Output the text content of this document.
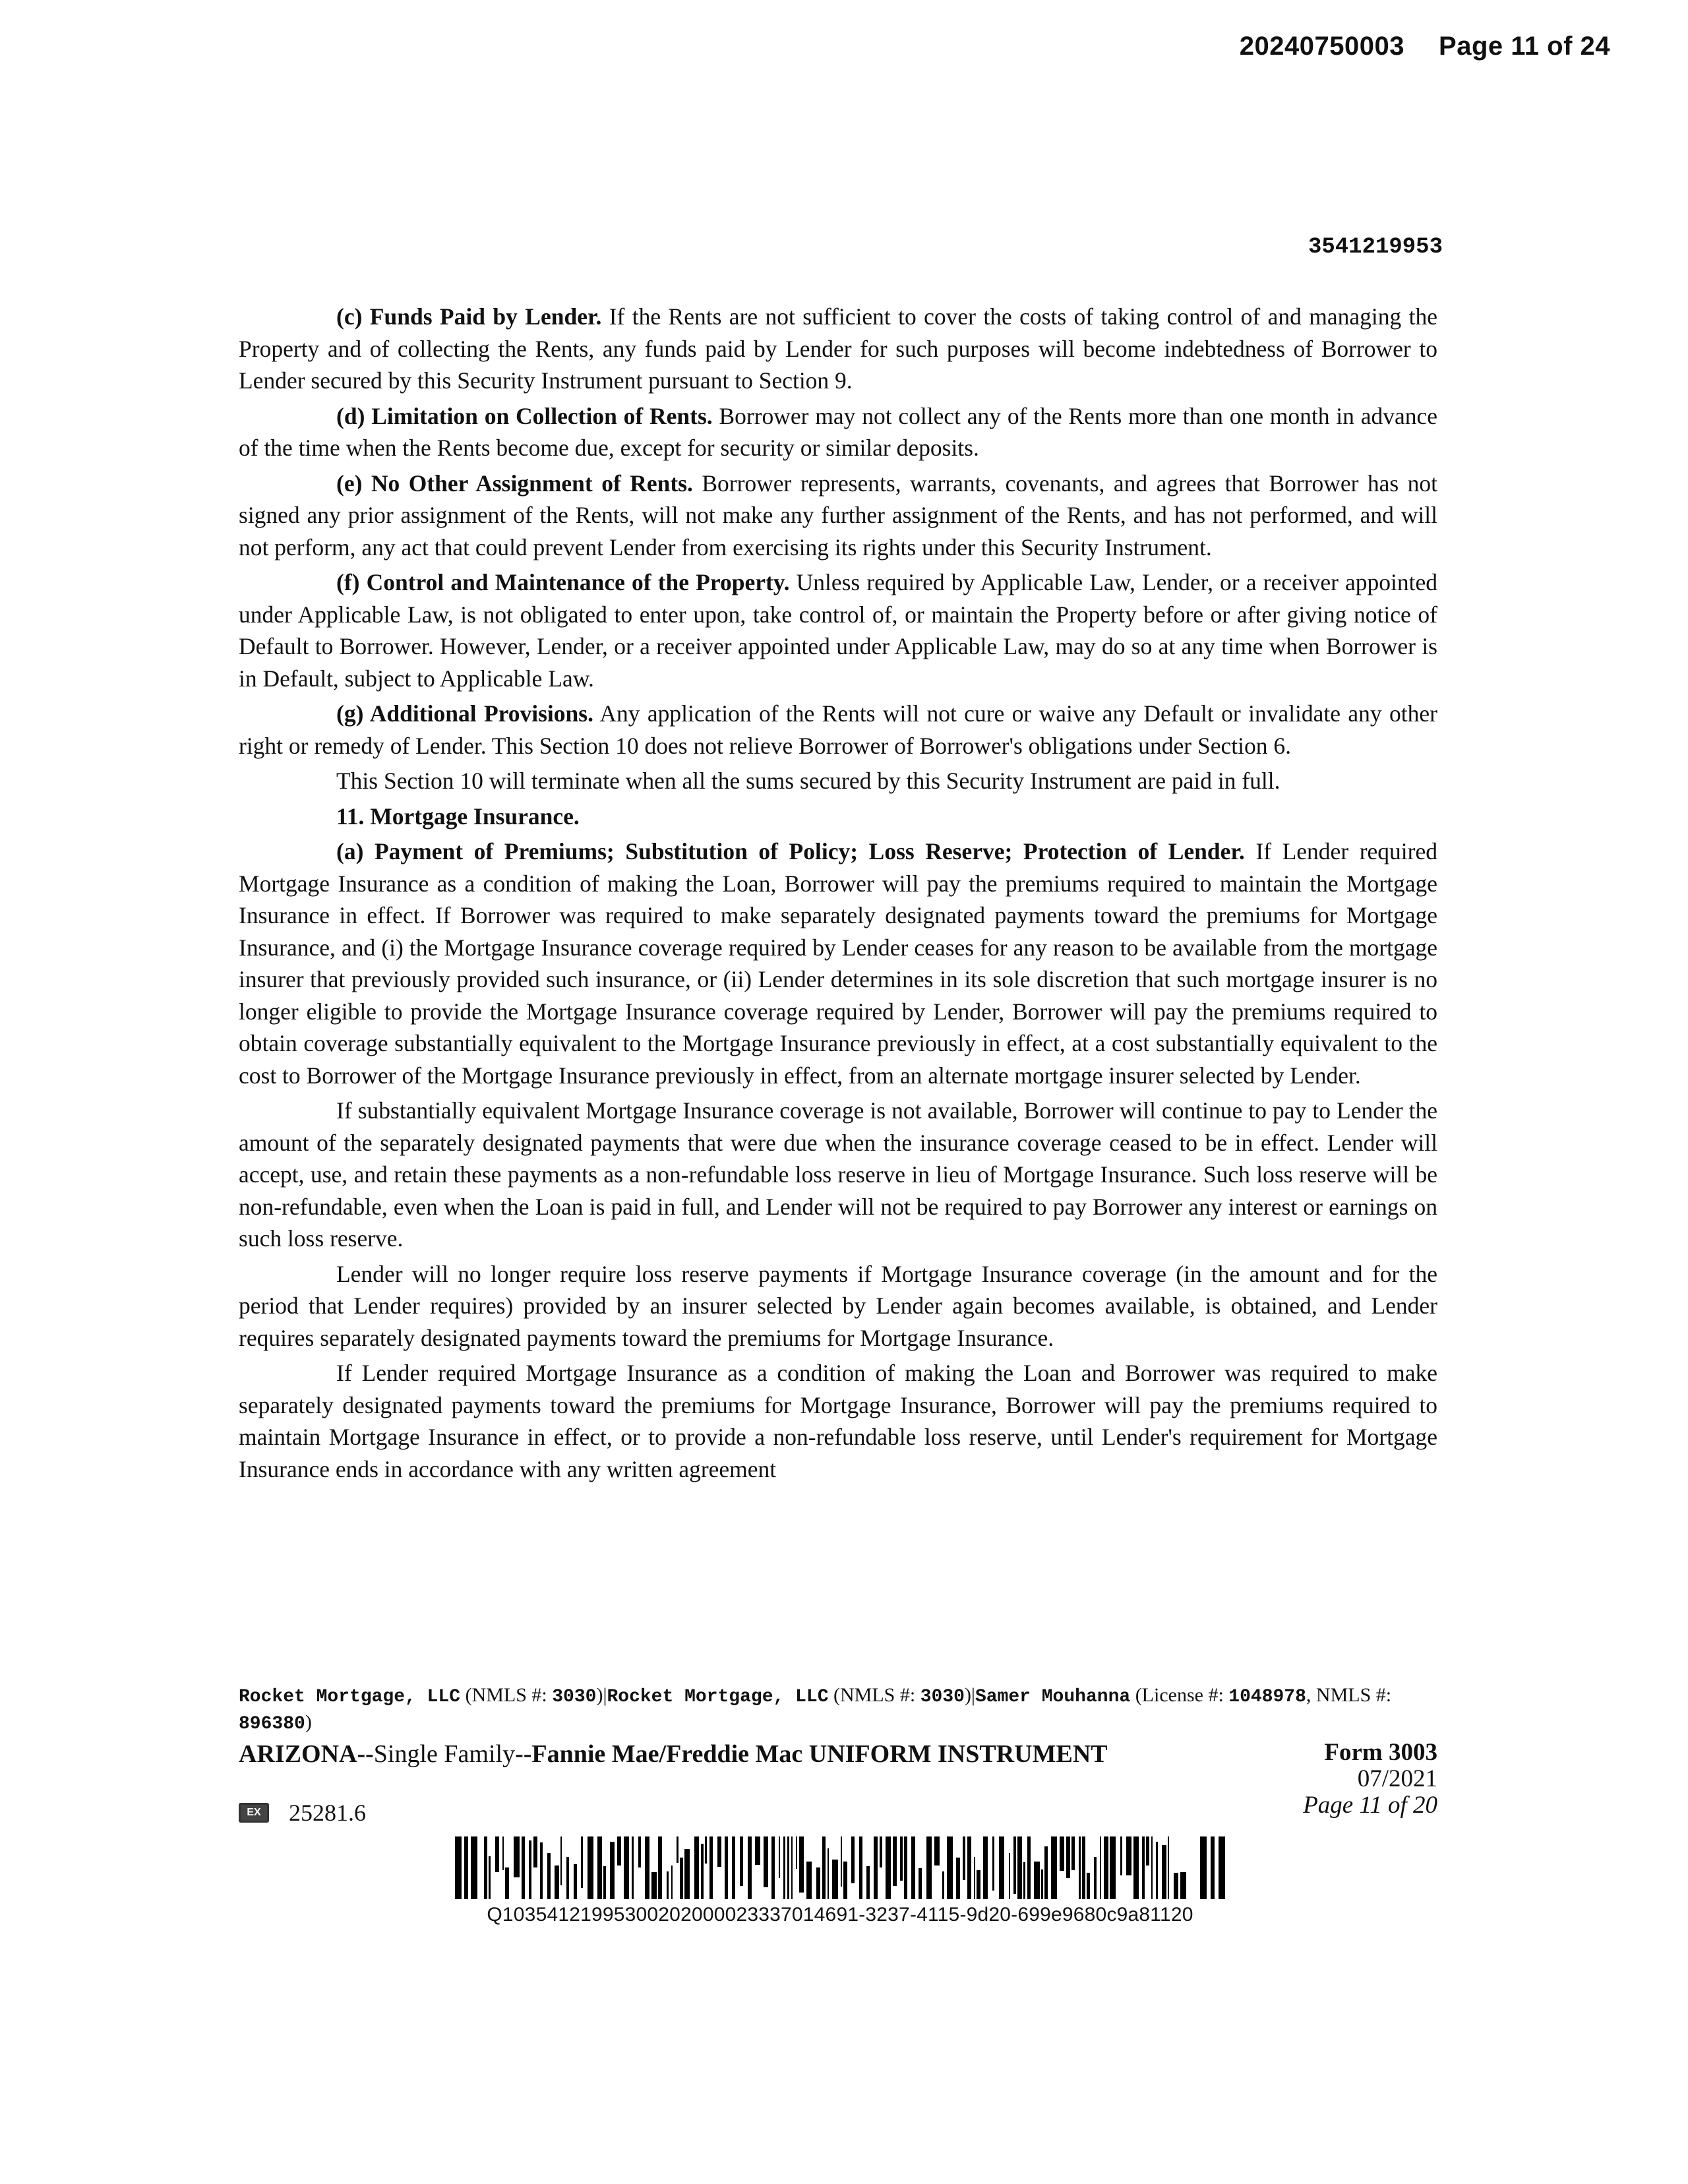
20240750003 Page 11 of 24
3541219953

(c) Funds Paid by Lender. If the Rents are not sufficient to cover the costs of taking control of and managing the Property and of collecting the Rents, any funds paid by Lender for such purposes will become indebtedness of Borrower to Lender secured by this Security Instrument pursuant to Section 9.

(d) Limitation on Collection of Rents. Borrower may not collect any of the Rents more than one month in advance of the time when the Rents become due, except for security or similar deposits.

(e) No Other Assignment of Rents. Borrower represents, warrants, covenants, and agrees that Borrower has not signed any prior assignment of the Rents, will not make any further assignment of the Rents, and has not performed, and will not perform, any act that could prevent Lender from exercising its rights under this Security Instrument.

(f) Control and Maintenance of the Property. Unless required by Applicable Law, Lender, or a receiver appointed under Applicable Law, is not obligated to enter upon, take control of, or maintain the Property before or after giving notice of Default to Borrower. However, Lender, or a receiver appointed under Applicable Law, may do so at any time when Borrower is in Default, subject to Applicable Law.

(g) Additional Provisions. Any application of the Rents will not cure or waive any Default or invalidate any other right or remedy of Lender. This Section 10 does not relieve Borrower of Borrower's obligations under Section 6.

This Section 10 will terminate when all the sums secured by this Security Instrument are paid in full.

11. Mortgage Insurance.

(a) Payment of Premiums; Substitution of Policy; Loss Reserve; Protection of Lender. If Lender required Mortgage Insurance as a condition of making the Loan, Borrower will pay the premiums required to maintain the Mortgage Insurance in effect. If Borrower was required to make separately designated payments toward the premiums for Mortgage Insurance, and (i) the Mortgage Insurance coverage required by Lender ceases for any reason to be available from the mortgage insurer that previously provided such insurance, or (ii) Lender determines in its sole discretion that such mortgage insurer is no longer eligible to provide the Mortgage Insurance coverage required by Lender, Borrower will pay the premiums required to obtain coverage substantially equivalent to the Mortgage Insurance previously in effect, at a cost substantially equivalent to the cost to Borrower of the Mortgage Insurance previously in effect, from an alternate mortgage insurer selected by Lender.

If substantially equivalent Mortgage Insurance coverage is not available, Borrower will continue to pay to Lender the amount of the separately designated payments that were due when the insurance coverage ceased to be in effect. Lender will accept, use, and retain these payments as a non-refundable loss reserve in lieu of Mortgage Insurance. Such loss reserve will be non-refundable, even when the Loan is paid in full, and Lender will not be required to pay Borrower any interest or earnings on such loss reserve.

Lender will no longer require loss reserve payments if Mortgage Insurance coverage (in the amount and for the period that Lender requires) provided by an insurer selected by Lender again becomes available, is obtained, and Lender requires separately designated payments toward the premiums for Mortgage Insurance.

If Lender required Mortgage Insurance as a condition of making the Loan and Borrower was required to make separately designated payments toward the premiums for Mortgage Insurance, Borrower will pay the premiums required to maintain Mortgage Insurance in effect, or to provide a non-refundable loss reserve, until Lender's requirement for Mortgage Insurance ends in accordance with any written agreement

Rocket Mortgage, LLC (NMLS #: 3030)|Rocket Mortgage, LLC (NMLS #: 3030)|Samer Mouhanna (License #: 1048978, NMLS #: 896380)
ARIZONA--Single Family--Fannie Mae/Freddie Mac UNIFORM INSTRUMENT	Form 3003
07/2021
Page 11 of 20
EX	25281.6
Q10354121995300202000023337014691-3237-4115-9d20-699e9680c9a81120
